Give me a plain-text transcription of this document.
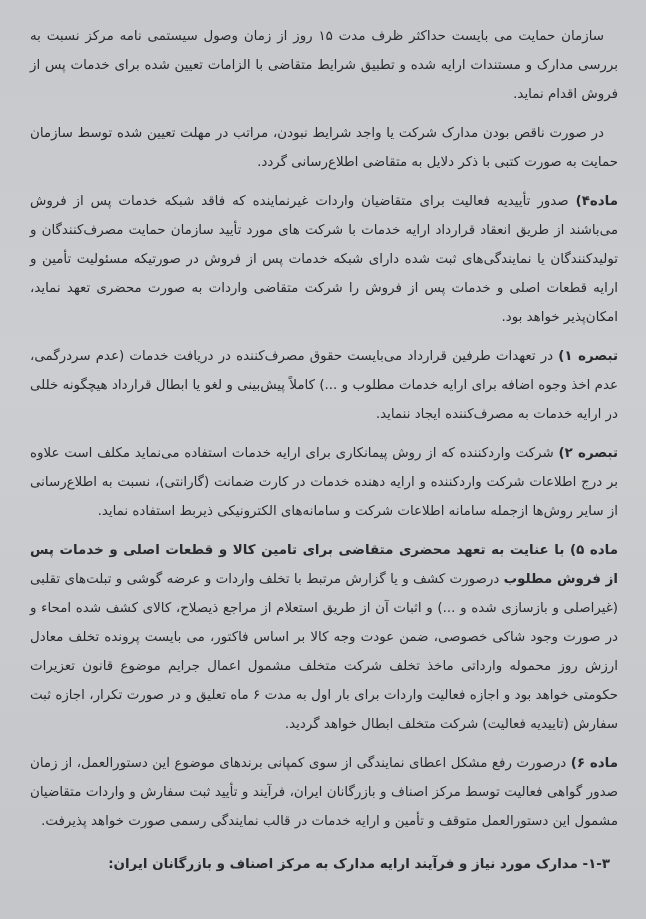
سازمان حمایت می بایست حداکثر ظرف مدت ۱۵ روز از زمان وصول سیستمی نامه مرکز نسبت به بررسی مدارک و مستندات ارایه شده و تطبیق شرایط متقاضی با الزامات تعیین شده برای خدمات پس از فروش اقدام نماید.

در صورت ناقص بودن مدارک شرکت یا واجد شرایط نبودن، مراتب در مهلت تعیین شده توسط سازمان حمایت به صورت کتبی با ذکر دلایل به متقاضی اطلاع‌رسانی گردد.

ماده۴) صدور تأییدیه فعالیت برای متقاضیان واردات غیرنماینده که فاقد شبکه خدمات پس از فروش می‌باشند از طریق انعقاد قرارداد ارایه خدمات با شرکت های مورد تأیید سازمان حمایت مصرف‌کنندگان و تولیدکنندگان یا نمایندگی‌های ثبت شده دارای شبکه خدمات پس از فروش در صورتیکه مسئولیت تأمین و ارایه قطعات اصلی و خدمات پس از فروش را شرکت متقاضی واردات به صورت محضری تعهد نماید، امکان‌پذیر خواهد بود.

تبصره ۱) در تعهدات طرفین قرارداد می‌بایست حقوق مصرف‌کننده در دریافت خدمات (عدم سردرگمی، عدم اخذ وجوه اضافه برای ارایه خدمات مطلوب و ...) کاملاً پیش‌بینی و لغو یا ابطال قرارداد هیچگونه خللی در ارایه خدمات به مصرف‌کننده ایجاد ننماید.

تبصره ۲) شرکت واردکننده که از روش پیمانکاری برای ارایه خدمات استفاده می‌نماید مکلف است علاوه بر درج اطلاعات شرکت واردکننده و ارایه دهنده خدمات در کارت ضمانت (گارانتی)، نسبت به اطلاع‌رسانی از سایر روش‌ها ازجمله سامانه اطلاعات شرکت و سامانه‌های الکترونیکی ذیربط استفاده نماید.

ماده ۵) با عنایت به تعهد محضری متقاضی برای تامین کالا و قطعات اصلی و خدمات پس از فروش مطلوب درصورت کشف و یا گزارش مرتبط با تخلف واردات و عرضه گوشی و تبلت‌های تقلبی (غیراصلی و بازسازی شده و ...) و اثبات آن از طریق استعلام از مراجع ذیصلاح، کالای کشف شده امحاء و در صورت وجود شاکی خصوصی، ضمن عودت وجه کالا بر اساس فاکتور، می بایست پرونده تخلف معادل ارزش روز محموله وارداتی ماخذ تخلف شرکت متخلف مشمول اعمال جرایم موضوع قانون تعزیرات حکومتی خواهد بود و اجازه فعالیت واردات برای بار اول به مدت ۶ ماه تعلیق و در صورت تکرار، اجازه ثبت سفارش (تاییدیه فعالیت) شرکت متخلف ابطال خواهد گردید.

ماده ۶) درصورت رفع مشکل اعطای نمایندگی از سوی کمپانی برندهای موضوع این دستورالعمل، از زمان صدور گواهی فعالیت توسط مرکز اصناف و بازرگانان ایران، فرآیند و تأیید ثبت سفارش و واردات متقاضیان مشمول این دستورالعمل متوقف و تأمین و ارایه خدمات در قالب نمایندگی رسمی صورت خواهد پذیرفت.

۱-۳- مدارک مورد نیاز و فرآیند ارایه مدارک به مرکز اصناف و بازرگانان ایران:
